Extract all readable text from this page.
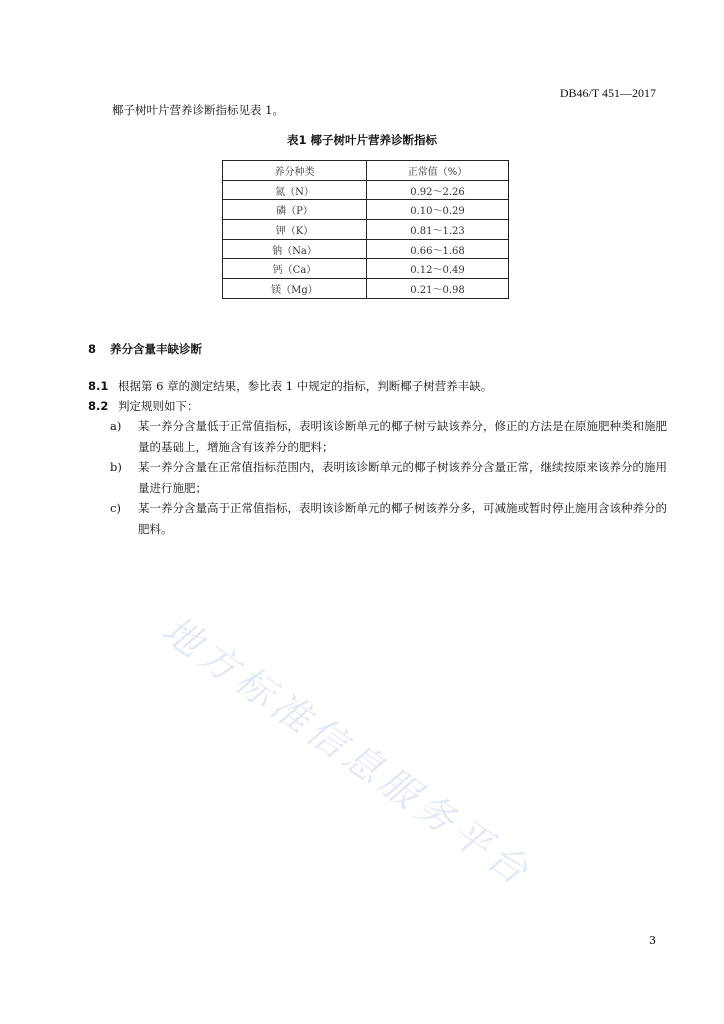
DB46/T 451—2017
椰子树叶片营养诊断指标见表 1。
表1 椰子树叶片营养诊断指标
养分种类	正常值（%）
氮（N）	0.92～2.26
磷（P）	0.10～0.29
钾（K）	0.81～1.23
钠（Na）	0.66～1.68
钙（Ca）	0.12～0.49
镁（Mg）	0.21～0.98
8 养分含量丰缺诊断
8.1 根据第 6 章的测定结果，参比表 1 中规定的指标，判断椰子树营养丰缺。
8.2 判定规则如下：
a)	某一养分含量低于正常值指标，表明该诊断单元的椰子树亏缺该养分，修正的方法是在原施肥种类和施肥量的基础上，增施含有该养分的肥料；
b)	某一养分含量在正常值指标范围内，表明该诊断单元的椰子树该养分含量正常，继续按原来该养分的施用量进行施肥；
c)	某一养分含量高于正常值指标，表明该诊断单元的椰子树该养分多，可减施或暂时停止施用含该种养分的肥料。
地方标准信息服务平台
3
